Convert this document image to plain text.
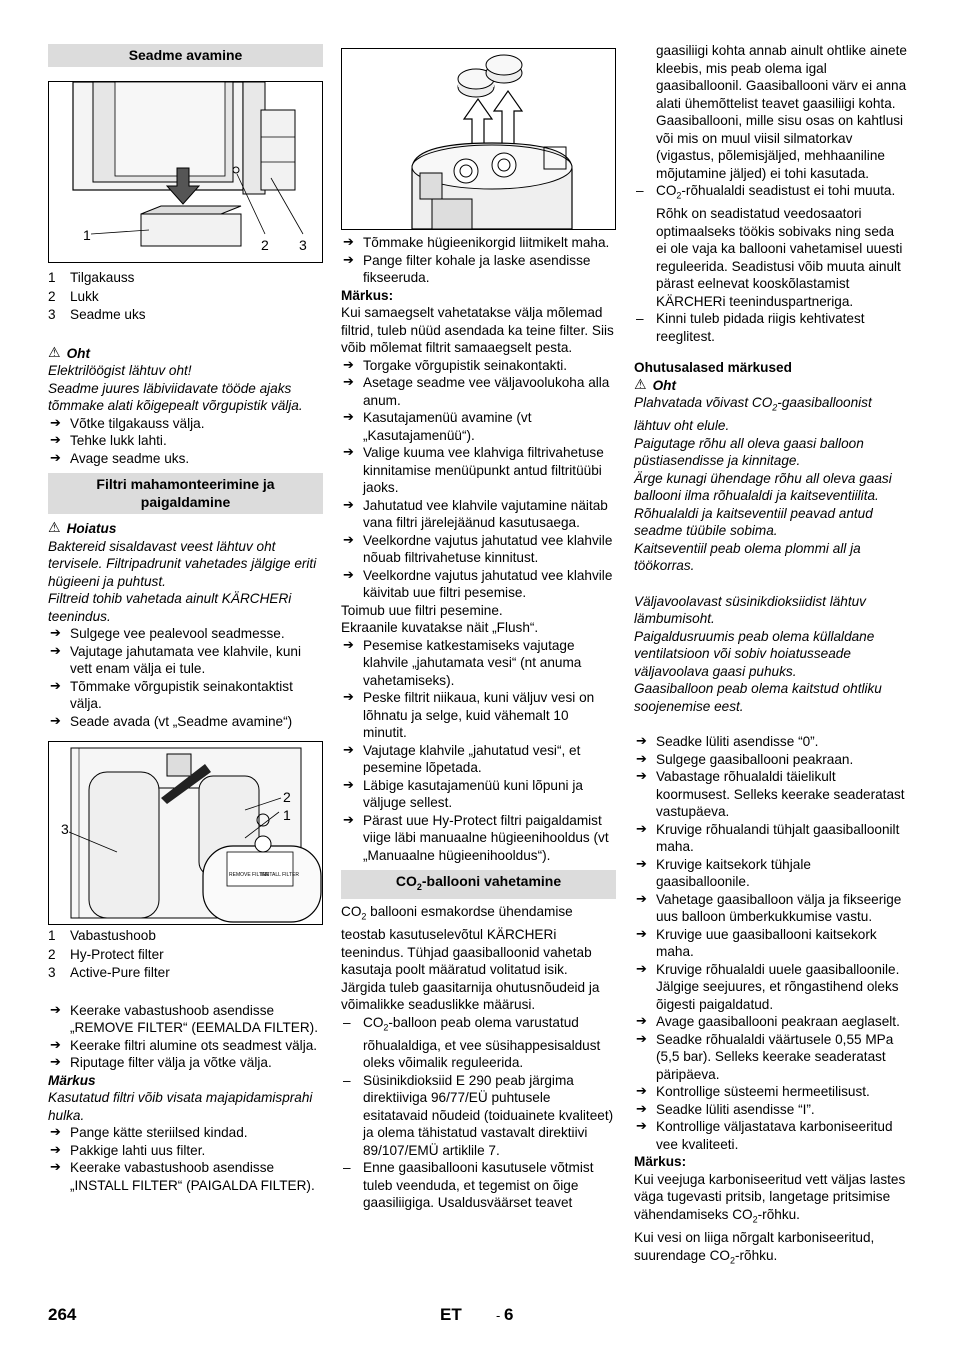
Seadme avamine
1
2 3
1	Tilgakauss
2	Lukk
3	Seadme uks
⚠ Oht

Elektrilöögist lähtuv oht!

Seadme juures läbiviidavate tööde ajaks tõmmake alati kõigepealt võrgupistik välja.

➔ Võtke tilgakauss välja.

➔ Tehke lukk lahti.

➔ Avage seadme uks.

Filtri mahamonteerimine ja paigaldamine
⚠ Hoiatus

Baktereid sisaldavast veest lähtuv oht tervisele. Filtripadrunit vahetades jälgige eriti hügieeni ja puhtust.

Filtreid tohib vahetada ainult KÄRCHERi teenindus.

➔ Sulgege vee pealevool seadmesse.

➔ Vajutage jahutamata vee klahvile, kuni vett enam välja ei tule.

➔ Tõmmake võrgupistik seinakontaktist välja.

➔ Seade avada (vt „Seadme avamine“)

REMOVE FILTER
INSTALL FILTER
3
2
1
1	Vabastushoob
2	Hy-Protect filter
3	Active-Pure filter

➔ Keerake vabastushoob asendisse „REMOVE FILTER“ (EEMALDA FILTER).

➔ Keerake filtri alumine ots seadmest välja.

➔ Riputage filter välja ja võtke välja.

Märkus

Kasutatud filtri võib visata majapidamisprahi hulka.

➔ Pange kätte steriilsed kindad.

➔ Pakkige lahti uus filter.

➔ Keerake vabastushoob asendisse „INSTALL FILTER“ (PAIGALDA FILTER).

➔ Tõmmake hügieenikorgid liitmikelt maha.

➔ Pange filter kohale ja laske asendisse fikseeruda.

Märkus:

Kui samaegselt vahetatakse välja mõlemad filtrid, tuleb nüüd asendada ka teine filter. Siis võib mõlemat filtrit samaaegselt pesta.

➔ Torgake võrgupistik seinakontakti.

➔ Asetage seadme vee väljavoolukoha alla anum.

➔ Kasutajamenüü avamine (vt „Kasutajamenüü“).

➔ Valige kuuma vee klahviga filtrivahetuse kinnitamise menüüpunkt antud filtritüübi jaoks.

➔ Jahutatud vee klahvile vajutamine näitab vana filtri järelejäänud kasutusaega.

➔ Veelkordne vajutus jahutatud vee klahvile nõuab filtrivahetuse kinnitust.

➔ Veelkordne vajutus jahutatud vee klahvile käivitab uue filtri pesemise.

Toimub uue filtri pesemine.

Ekraanile kuvatakse näit „Flush“.

➔ Pesemise katkestamiseks vajutage klahvile „jahutamata vesi“ (nt anuma vahetamiseks).

➔ Peske filtrit niikaua, kuni väljuv vesi on lõhnatu ja selge, kuid vähemalt 10 minutit.

➔ Vajutage klahvile „jahutatud vesi“, et pesemine lõpetada.

➔ Läbige kasutajamenüü kuni lõpuni ja väljuge sellest.

➔ Pärast uue Hy-Protect filtri paigaldamist viige läbi manuaalne hügieenihooldus (vt „Manuaalne hügieenihooldus“).

$CO_2$-ballooni vahetamine

$CO_2$ ballooni esmakordse ühendamise teostab kasutuselevõtul KÄRCHERi teenindus. Tühjad gaasiballoonid vahetab kasutaja poolt määratud volitatud isik. Järgida tuleb gaasitarnija ohutusnõudeid ja võimalikke seaduslikke määrusi.

– $CO_2$-balloon peab olema varustatud rõhualaldiga, et vee süsihappesisaldust oleks võimalik reguleerida.

– Süsinikdioksiid E 290 peab järgima direktiiviga 96/77/EÜ puhtusele esitatavaid nõudeid (toiduainete kvaliteet) ja olema tähistatud vastavalt direktiivi 89/107/EMÜ artiklile 7.

– Enne gaasiballooni kasutusele võtmist tuleb veenduda, et tegemist on õige gaasiliigiga. Usaldusväärset teavet

gaasiliigi kohta annab ainult ohtlike ainete kleebis, mis peab olema igal gaasiballoonil. Gaasiballooni värv ei anna alati ühemõttelist teavet gaasiliigi kohta. Gaasiballooni, mille sisu osas on kahtlusi või mis on muul viisil silmatorkav (vigastus, põlemisjäljed, mehhaaniline mõjutamine jäljed) ei tohi kasutada.

– $CO_2$-rõhualaldi seadistust ei tohi muuta. Rõhk on seadistatud veedosaatori optimaalseks töökis sobivaks ning seda ei ole vaja ka ballooni vahetamisel uuesti reguleerida. Seadistusi võib muuta ainult pärast eelnevat kooskõlastamist KÄRCHERi teeninduspartneriga.

– Kinni tuleb pidada riigis kehtivatest reeglitest.

Ohutusalased märkused

⚠ Oht

Plahvatada võivast $CO_2$-gaasiballoonist lähtuv oht elule.

Paigutage rõhu all oleva gaasi balloon püstiasendisse ja kinnitage.

Ärge kunagi ühendage rõhu all oleva gaasi ballooni ilma rõhualaldi ja kaitseventiilita.

Rõhualaldi ja kaitseventiil peavad antud seadme tüübile sobima.

Kaitseventiil peab olema plommi all ja töökorras.

Väljavoolavast süsinikdioksiidist lähtuv lämbumisoht.

Paigaldusruumis peab olema küllaldane ventilatsioon või sobiv hoiatusseade väljavoolava gaasi puhuks.

Gaasiballoon peab olema kaitstud ohtliku soojenemise eest.

➔ Seadke lüliti asendisse “0”.

➔ Sulgege gaasiballooni peakraan.

➔ Vabastage rõhualaldi täielikult koormusest. Selleks keerake seaderatast vastupäeva.

➔ Kruvige rõhualandi tühjalt gaasiballoonilt maha.

➔ Kruvige kaitsekork tühjale gaasiballoonile.

➔ Vahetage gaasiballoon välja ja fikseerige uus balloon ümberkukkumise vastu.

➔ Kruvige uue gaasiballooni kaitsekork maha.

➔ Kruvige rõhualaldi uuele gaasiballoonile. Jälgige seejuures, et rõngastihend oleks õigesti paigaldatud.

➔ Avage gaasiballooni peakraan aeglaselt.

➔ Seadke rõhualaldi väärtusele 0,55 MPa (5,5 bar). Selleks keerake seaderatast päripäeva.

➔ Kontrollige süsteemi hermeetilisust.

➔ Seadke lüliti asendisse “I”.

➔ Kontrollige väljastatava karboniseeritud vee kvaliteeti.

Märkus:

Kui veejuga karboniseeritud vett väljas lastes väga tugevasti pritsib, langetage pritsimise vähendamiseks $CO_2$-rõhku.

Kui vesi on liiga nõrgalt karboniseeritud, suurendage $CO_2$-rõhku.

264	ET	- 6
